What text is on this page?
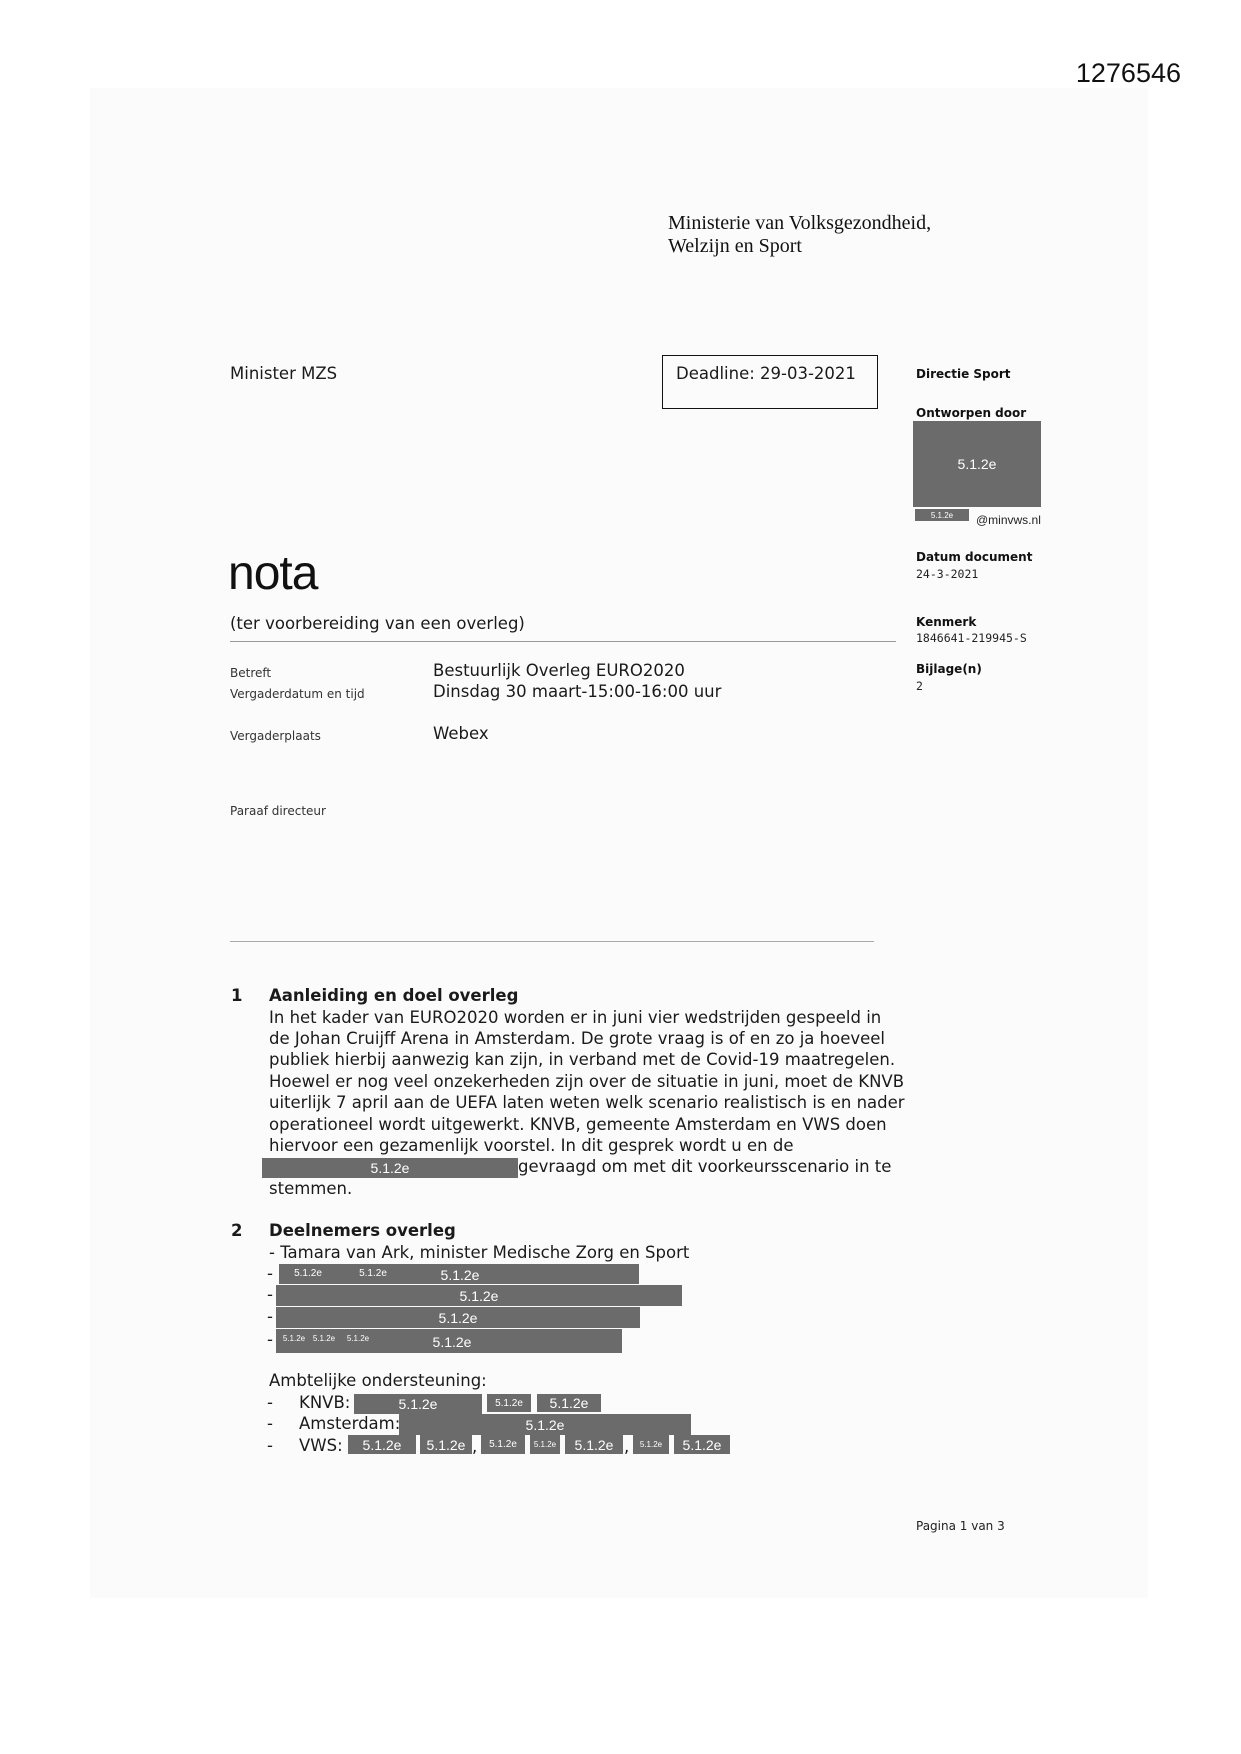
1276546
Ministerie van Volksgezondheid,
Welzijn en Sport
Minister MZS	Deadline: 29-03-2021	Directie Sport
Ontworpen door
5.1.2e
5.1.2e	@minvws.nl
Datum document
24-3-2021
Kenmerk
1846641-219945-S
Bijlage(n)
2
nota
(ter voorbereiding van een overleg)
Betreft	Bestuurlijk Overleg EURO2020
Vergaderdatum en tijd	Dinsdag 30 maart-15:00-16:00 uur
Vergaderplaats	Webex
Paraaf directeur
1 Aanleiding en doel overleg
In het kader van EURO2020 worden er in juni vier wedstrijden gespeeld in
de Johan Cruijff Arena in Amsterdam. De grote vraag is of en zo ja hoeveel
publiek hierbij aanwezig kan zijn, in verband met de Covid-19 maatregelen.
Hoewel er nog veel onzekerheden zijn over de situatie in juni, moet de KNVB
uiterlijk 7 april aan de UEFA laten weten welk scenario realistisch is en nader
operationeel wordt uitgewerkt. KNVB, gemeente Amsterdam en VWS doen
hiervoor een gezamenlijk voorstel. In dit gesprek wordt u en de
5.1.2e	gevraagd om met dit voorkeursscenario in te
stemmen.
2 Deelnemers overleg
- Tamara van Ark, minister Medische Zorg en Sport
-	5.1.2e	5.1.2e	5.1.2e
-	5.1.2e
-	5.1.2e
- 5.1.2e 5.1.2e	5.1.2e	5.1.2e
Ambtelijke ondersteuning:
- KNVB:	5.1.2e	5.1.2e	5.1.2e
-	5.1.2e
Amsterdam:
- VWS:	5.1.2e	5.1.2e ,	5.1.2e	5.1.2e	5.1.2e ,	5.1.2e	5.1.2e
Pagina 1 van 3
